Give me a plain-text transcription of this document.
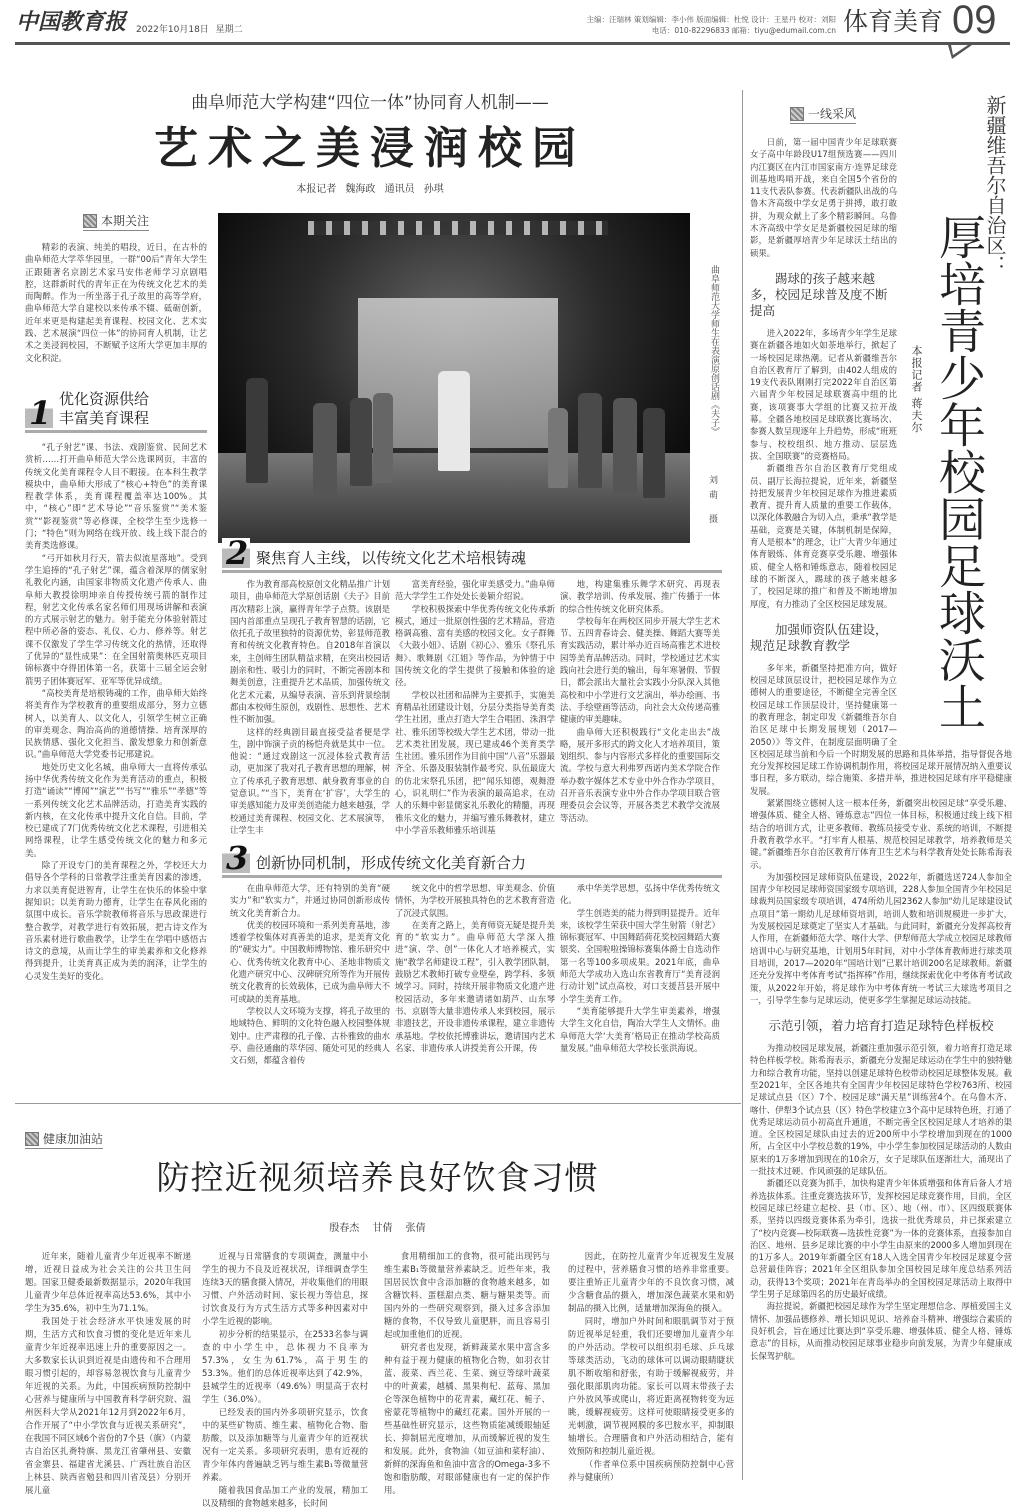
中国教育报 2022年10月18日 星期二
主编：汪瑞林 策划编辑：李小伟 版面编辑：杜悦 设计：王星丹 校对：刘阳
电话：010-82296833 邮箱：tiyu@edumail.com.cn 体育美育 09
曲阜师范大学构建“四位一体”协同育人机制——
艺术之美浸润校园
本报记者 魏海政 通讯员 孙琪
本期关注

精彩的表演、纯美的唱段，近日，在古朴的曲阜师范大学萃华园里，一群“00后”青年大学生正跟随著名京剧艺术家马安伟老师学习京剧唱腔，这群新时代的青年正在为传统文化艺术的美而陶醉。作为一所坐落于孔子故里的高等学府，曲阜师范大学自建校以来传承不辍、砥砺创新，近年来更是构建起美育课程、校园文化、艺术实践、艺术展演“四位一体”的协同育人机制，让艺术之美浸润校园，不断赋予这所大学更加丰厚的文化积淀。

1 优化资源供给
丰富美育课程

“孔子射艺”课、书法、戏剧鉴赏、民间艺术赏析……打开曲阜师范大学公选课网页，丰富的传统文化美育课程令人目不暇接。在本科生教学模块中，曲阜师大形成了“核心+特色”的美育课程教学体系，美育课程覆盖率达100%。其中，“核心”即“艺术导论”“音乐鉴赏”“美术鉴赏”“影视鉴赏”等必修课，全校学生至少选修一门；“特色”则为网络在线开放、线上线下混合的美育类选修课。

“弓开如秋月行天，箭去似流星落地”。受到学生追捧的“孔子射艺”课，蕴含着深厚的儒家射礼教化内涵，由国家非物质文化遗产传承人、曲阜师大教授徐明坤亲自传授传统弓箭的制作过程，射艺文化传承名家名师们用现场讲解和表演的方式展示射艺的魅力。射手能充分体验射箭过程中所必备的姿态、礼仪、心力、修养等。射艺课不仅激发了学生学习传统文化的热情，还取得了优异的“显性成果”：在全国射箭奥林匹克项目锦标赛中夺得团体第一名，获第十三届全运会射箭男子团体赛冠军、亚军等优异成绩。

“高校美育是培根铸魂的工作，曲阜师大始终将美育作为学校教育的重要组成部分，努力立德树人，以美育人、以文化人，引领学生树立正确的审美观念、陶冶高尚的道德情操、培育深厚的民族情感、强化文化担当、激发想象力和创新意识。”曲阜师范大学党委书记邢建说。

地处历史文化名城，曲阜师大一直将传承弘扬中华优秀传统文化作为美育活动的重点，积极打造“诵读”“博闻”“演艺”“书写”“雅乐”“孝德”等一系列传统文化艺术品牌活动，打造美育实践的新内核，在文化传承中提升文化自信。目前，学校已建成了7门优秀传统文化艺术课程，引进相关网络课程，让学生感受传统文化的魅力和多元美。

除了开设专门的美育课程之外，学校还大力倡导各个学科的日常教学注重美育因素的渗透，力求以美育促进智育，让学生在快乐的体验中掌握知识；以美育助力德育，让学生在春风化雨的氛围中成长。音乐学院教师将音乐与思政课进行整合教学，对教学进行有效拓展，把古诗文作为音乐素材进行歌曲教学，让学生在学唱中感悟古诗文的意境，从而让学生的审美素养和文化修养得到提升，让美育真正成为美的润泽，让学生的心灵发生美好的变化。

曲阜师范大学师生在表演原创话剧《夫子》
刘萌 摄
2 聚焦育人主线，以传统文化艺术培根铸魂

作为教育部高校原创文化精品推广计划项目，曲阜师范大学原创话剧《夫子》目前再次精彩上演，赢得青年学子点赞。该剧是国内首部重点呈现孔子教育智慧的话剧，它依托孔子故里独特的资源优势，彰显师范教育和传统文化教育特色。自2018年首演以来，主创师生团队精益求精，在突出校园话剧亲和性、吸引力的同时，不断完善剧本和舞美创意，注重提升艺术品质，加强传统文化艺术元素，从编导表演、音乐到背景绘制都由本校师生原创，戏剧性、思想性、艺术性不断加强。

这样的经典剧目最直接受益者便是学生，剧中饰演子贡的杨恺舟就是其中一位。他说：“通过戏剧这一沉浸体验式教育活动，更加深了我对孔子教育思想的理解，树立了传承孔子教育思想、献身教育事业的自觉意识。”“当下，美育在‘扩容’，大学生的审美感知能力及审美创造能力越来越强，学校通过美育课程、校园文化、艺术展演等，让学生丰

富美育经验，强化审美感受力。”曲阜师范大学学生工作处处长姜颖介绍说。

学校积极探索中华优秀传统文化传承新模式，通过一批原创性强的艺术精品，营造格调高雅、富有美感的校园文化。女子群舞《大鼓小妞》、话剧《初心》、雅乐《祭孔乐舞》、歌舞剧《江姐》等作品，为钟情于中国传统文化的学生提供了接触和体验的途径。

学校以社团和品牌为主要抓手，实施美育精品社团建设计划，分层分类指导美育类学生社团，重点打造大学生合唱团、洙泗学社、雅乐团等校级大学生艺术团，带动一批艺术类社团发展，现已建成46个美育类学生社团。雅乐团作为目前中国“八音”乐器最齐全、乐器及服装制作最考究、队伍最庞大的仿北宋祭孔乐团，把“闻乐知德，观舞澄心，识礼明仁”作为表演的最高追求，在动人的乐舞中彰显儒家礼乐教化的精髓，再现雅乐文化的魅力，并编写雅乐舞教材，建立中小学音乐教师雅乐培训基

地，构建集雅乐舞学术研究、再现表演、教学培训、传承发展、推广传播于一体的综合性传统文化研究体系。

学校每年在两校区同步开展大学生艺术节、五四青春诗会、健美操、舞蹈大赛等美育实践活动，累计举办近百场高雅艺术进校园等美育品牌活动。同时，学校通过艺术实践向社会进行美的输出，每年寒暑假、节假日，都会派出大量社会实践小分队深入其他高校和中小学进行文艺演出，举办绘画、书法、手绘壁画等活动，向社会大众传递高雅健康的审美趣味。

曲阜师大还积极践行“文化走出去”战略，展开多形式的跨文化人才培养项目，策划组织、参与内容形式多样化的重要国际交流。学校与意大利弗罗西诺内美术学院合作举办数字媒体艺术专业中外合作办学项目，召开音乐表演专业中外合作办学项目联合管理委员会会议等，开展各类艺术教学交流展等活动。

3 创新协同机制，形成传统文化美育新合力

在曲阜师范大学，还有特别的美育“硬实力”和“软实力”，并通过协同创新形成传统文化美育新合力。

优美的校园环境和一系列美育基地，渗透着学校集体对真善美的追求，是美育文化的“硬实力”。中国教师博物馆、雅乐研究中心、优秀传统文化教育中心、圣地非物质文化遗产研究中心、汉碑研究所等作为开展传统文化教育的长效载体，已成为曲阜师大不可或缺的美育基地。

学校以人文环境为支撑，将孔子故里的地域特色、鲜明的文化特色融入校园整体规划中。庄严肃穆的孔子像、古朴雅致的曲水亭、曲径通幽的萃华园、随处可见的经典人文石刻，都蕴含着传

统文化中的哲学思想、审美观念、价值情怀，为学校开展独具特色的艺术教育营造了沉浸式氛围。

在美育之路上，美育师资无疑是提升美育的“软实力”。曲阜师范大学深入推进“演、学、创”一体化人才培养模式，实施“教学名师建设工程”，引入教学团队制，鼓励艺术教师打破专业壁垒，跨学科、多领域学习。同时，持续开展非物质文化遗产进校园活动，多年来邀请诸如葫芦、山东琴书、京剧等大量非遗传承人来到校园，展示非遗技艺，开设非遗传承课程，建立非遗传承基地。学校依托博雅讲坛，邀请国内艺术名家、非遗传承人讲授美育公开课，传

承中华美学思想，弘扬中华优秀传统文化。

学生创造美的能力得到明显提升。近年来，该校学生荣获中国大学生射箭（射艺）锦标赛冠军、中国舞蹈荷花奖校园舞蹈大赛银奖、全国啦啦操锦标赛集体爵士自选动作第一名等100多项成果。2021年底，曲阜师范大学成功入选山东省教育厅“美育浸润行动计划”试点高校，对口支援莒县开展中小学生美育工作。

“美育能够提升大学生审美素养，增强大学生文化自信，陶冶大学生人文情怀。曲阜师范大学‘大美育’格局正在推动学校高质量发展。”曲阜师范大学校长张洪海说。

新疆维吾尔自治区：
厚培青少年校园足球沃土
本报记者 蒋夫尔
一线采风

日前，第一届中国青少年足球联赛女子高中年龄段U17组预选赛——四川内江赛区在内江市国家南方·连界足球竞训基地鸣哨开战，来自全国5个省份的11支代表队参赛。代表新疆队出战的乌鲁木齐高级中学女足勇于拼搏，敢打敢拼，为观众献上了多个精彩瞬间。乌鲁木齐高级中学女足是新疆校园足球的缩影，是新疆厚培青少年足球沃土结出的硕果。

踢球的孩子越来越多，校园足球普及度不断提高

进入2022年，多场青少年学生足球赛在新疆各地如火如荼地举行，掀起了一场校园足球热潮。记者从新疆维吾尔自治区教育厅了解到，由402人组成的19支代表队刚刚打完2022年自治区第六届青少年校园足球联赛高中组的比赛，该项赛事大学组的比赛又拉开战幕。全疆各地校园足球联赛比赛场次、参赛人数呈现逐年上升趋势，形成“班班参与、校校组织、地方推动、层层选拔、全国联赛”的竞赛格局。

新疆维吾尔自治区教育厅党组成员、副厅长海拉提说，近年来，新疆坚持把发展青少年校园足球作为推进素质教育、提升育人质量的重要工作载体，以深化体教融合为切入点，秉承“教学是基础，竞赛是关键，体制机制是保障，育人是根本”的理念，让广大青少年通过体育锻炼、体育竞赛享受乐趣、增强体质、健全人格和锤炼意志，随着校园足球的不断深入，踢球的孩子越来越多了，校园足球的推广和普及不断地增加厚度，有力推动了全区校园足球发展。

加强师资队伍建设，规范足球教育教学

多年来，新疆坚持把准方向，做好校园足球顶层设计，把校园足球作为立德树人的重要途径，不断健全完善全区校园足球工作顶层设计，坚持健康第一的教育理念，制定印发《新疆维吾尔自治区足球中长期发展规划（2017—2050）》等文件，在制度层面明确了全区校园足球当前和今后一个时期发展的思路和具体举措，指导督促各地充分发挥校园足球工作协调机制作用，将校园足球开展情况纳入重要议事日程，多方联动，综合施策、多措并举，推进校园足球有序平稳健康发展。

紧紧围绕立德树人这一根本任务，新疆突出校园足球“享受乐趣、增强体质、健全人格、锤炼意志”四位一体目标，积极通过线上线下相结合的培训方式，让更多教师、教练员接受专业、系统的培训，不断提升教育教学水平。“打牢育人根基、规范校园足球教学，培养教师是关键。”新疆维吾尔自治区教育厅体育卫生艺术与科学教育处处长陈希海表示。

为加强校园足球师资队伍建设，2022年，新疆选送724人参加全国青少年校园足球师资国家级专项培训，228人参加全国青少年校园足球裁判员国家级专项培训，474所幼儿园2362人参加“幼儿足球建设试点项目”第一期幼儿足球师资培训，培训人数和培训规模进一步扩大，为发展校园足球奠定了坚实人才基础。与此同时，新疆充分发挥高校育人作用，在新疆师范大学、喀什大学、伊犁师范大学成立校园足球教师培训中心与研究基地，计划用5年时间，对中小学体育教师进行球类项目培训，2017—2020年“国培计划”已累计培训200名足球教师。新疆还充分发挥中考体育考试“指挥棒”作用，继续探索优化中考体育考试政策，从2022年开始，将足球作为中考体育统一考试三大球选考项目之一，引导学生参与足球运动，使更多学生掌握足球运动技能。

示范引领，着力培育打造足球特色样板校

为推动校园足球发展，新疆注重加强示范引领，着力培育打造足球特色样板学校。陈希海表示，新疆充分发掘足球运动在学生中的独特魅力和综合教育功能，坚持以创建足球特色校带动校园足球整体发展。截至2021年，全区各地共有全国青少年校园足球特色学校763所、校园足球试点县（区）7个、校园足球“满天星”训练营4个。在乌鲁木齐、喀什、伊犁3个试点县（区）特色学校建立3个高中足球特色班，打通了优秀足球运动员小初高直升通道，不断完善全区校园足球人才培养的渠道。全区校园足球队由过去的近200所中小学校增加到现在的1000所，占全区中小学校总数的19%，中小学生参加校园足球活动的人数由原来的1万多增加到现在的10余万，女子足球队伍逐渐壮大，涌现出了一批技术过硬、作风顽强的足球队伍。

新疆还以竞赛为抓手，加快构建青少年体质增强和体育后备人才培养选拔体系。注重竞赛选拔环节，发挥校园足球竞赛作用，目前，全区校园足球已经建立起校、县（市、区）、地（州、市）、区四级联赛体系，坚持以四级竞赛体系为牵引，选拔一批优秀球员，并已探索建立了“校内竞赛—校际联赛—选拔性竞赛”为一体的竞赛体系，直接参加自治区、地州、县乡足球比赛的中小学生由原来的2000多人增加到现在的1万多人。2019年新疆全区有18人入选全国青少年校园足球夏令营总营最佳阵容；2021年全区组队参加全国校园足球年度总结系列活动，获得13个奖项；2021年在青岛举办的全国校园足球活动上取得中学生男子足球第四名的历史最好成绩。

海拉提说，新疆把校园足球作为学生坚定理想信念、厚植爱国主义情怀、加强品德修养、增长知识见识、培养奋斗精神、增强综合素质的良好机会，旨在通过比赛达到“享受乐趣、增强体质、健全人格、锤炼意志”的目标，从而推动校园足球事业稳步向前发展，为青少年健康成长保驾护航。

健康加油站
防控近视须培养良好饮食习惯
殷春杰 甘倩 张倩

近年来，随着儿童青少年近视率不断递增，近视日益成为社会关注的公共卫生问题。国家卫健委最新数据显示，2020年我国儿童青少年总体近视率高达53.6%，其中小学生为35.6%，初中生为71.1%。

我国处于社会经济水平快速发展的时期，生活方式和饮食习惯的变化是近年来儿童青少年近视率迅速上升的重要原因之一。大多数家长认识到近视是由遗传和不合理用眼习惯引起的，却容易忽视饮食与儿童青少年近视的关系。为此，中国疾病预防控制中心营养与健康所与中国教育科学研究院、温州医科大学从2021年12月到2022年6月，合作开展了“中小学饮食与近视关系研究”，在我国不同区域6个省份的7个县（旗）（内蒙古自治区扎赉特旗、黑龙江省肇州县、安徽省金寨县、福建省尤溪县、广西壮族自治区上林县、陕西省勉县和四川省茂县）分别开展儿童

近视与日常膳食的专项调查，测量中小学生的视力不良及近视状况，详细调查学生连续3天的膳食摄入情况，并收集他们的用眼习惯、户外活动时间、家长视力等信息，探讨饮食及行为方式生活方式等多种因素对中小学生近视的影响。

初步分析的结果显示，在2533名参与调查的中小学生中，总体视力不良率为57.3%，女生为61.7%，高于男生的53.3%。他们的总体近视率达到了42.9%，县城学生的近视率（49.6%）明显高于农村学生（36.0%）。

已经发表的国内外多项研究显示，饮食中的某些矿物质、维生素、植物化合物、脂肪酸，以及添加糖等与儿童青少年的近视状况有一定关系。多项研究表明，患有近视的青少年体内普遍缺乏钙与维生素B₁等微量营养素。

随着我国食品加工产业的发展，精加工以及精细的食物越来越多，长时间

食用精细加工的食物，很可能出现钙与维生素B₁等微量营养素缺乏。近些年来，我国居民饮食中含添加糖的食物越来越多，如含糖饮料、蛋糕甜点类、糖与糖果类等。而国内外的一些研究观察到，摄入过多含添加糖的食物，不仅导致儿童肥胖，而且容易引起或加重他们的近视。

研究者也发现，新鲜蔬菜水果中富含多种有益于视力健康的植物化合物，如羽衣甘蓝、菠菜、西兰花、生菜、豌豆等绿叶蔬菜中的叶黄素，越橘、黑果枸杞、蓝莓、黑加仑等深色植物中的花青素，藏红花、栀子、密蒙花等植物中的藏红花素。国外开展的一些基础性研究显示，这些物质能减缓眼轴延长、抑制屈光度增加，从而缓解近视的发生和发展。此外，食物油（如豆油和菜籽油）、新鲜的深海鱼和鱼油中富含的Omega-3多不饱和脂肪酸，对眼部健康也有一定的保护作用。

因此，在防控儿童青少年近视发生发展的过程中，营养膳食习惯的培养非常重要。要注重矫正儿童青少年的不良饮食习惯，减少含糖食品的摄入，增加深色蔬菜水果和奶制品的摄入比例，适量增加深海鱼的摄入。

同时，增加户外时间和眼肌调节对于预防近视举足轻重，我们还要增加儿童青少年的户外活动。学校可以组织羽毛球、乒乓球等球类活动，飞动的球体可以调动眼睛睫状肌不断收缩和舒张，有助于缓解视疲劳，并强化眼部肌肉功能。家长可以周末带孩子去户外放风筝或爬山，将近距离视物转变为远眺，缓解视疲劳。这样可使眼睛接受更多的光刺激，调节视网膜的多巴胺水平，抑制眼轴增长。合理膳食和户外活动相结合，能有效预防和控制儿童近视。

（作者单位系中国疾病预防控制中心营养与健康所）
